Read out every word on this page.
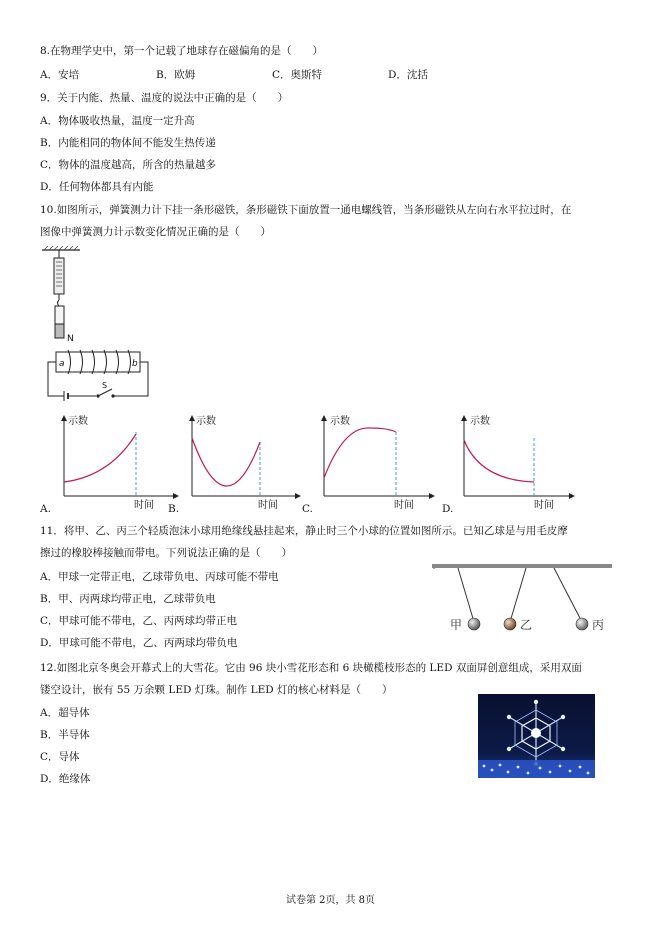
8.在物理学史中，第一个记载了地球存在磁偏角的是（　　）
A．安培	B．欧姆	C．奥斯特	D．沈括
9．关于内能、热量、温度的说法中正确的是（　　）
A．物体吸收热量，温度一定升高
B．内能相同的物体间不能发生热传递
C．物体的温度越高，所含的热量越多
D．任何物体都具有内能
10.如图所示，弹簧测力计下挂一条形磁铁，条形磁铁下面放置一通电螺线管，当条形磁铁从左向右水平拉过时，在
图像中弹簧测力计示数变化情况正确的是（　　）
N
a	b
S
示数
时间
A.
示数
时间
B.
示数
时间
C.
示数
时间
D.
11．将甲、乙、丙三个轻质泡沫小球用绝缘线悬挂起来，静止时三个小球的位置如图所示。已知乙球是与用毛皮摩
擦过的橡胶棒接触而带电。下列说法正确的是（　　）
A．甲球一定带正电，乙球带负电、丙球可能不带电
B．甲、丙两球均带正电，乙球带负电
C．甲球可能不带电，乙、丙两球均带正电
D．甲球可能不带电，乙、丙两球均带负电
甲	乙	丙
12.如图北京冬奥会开幕式上的大雪花。它由 96 块小雪花形态和 6 块橄榄枝形态的 LED 双面屏创意组成，采用双面
镂空设计，嵌有 55 万余颗 LED 灯珠。制作 LED 灯的核心材料是（　　）
A．超导体
B．半导体
C．导体
D．绝缘体
试卷第 2页，共 8页
